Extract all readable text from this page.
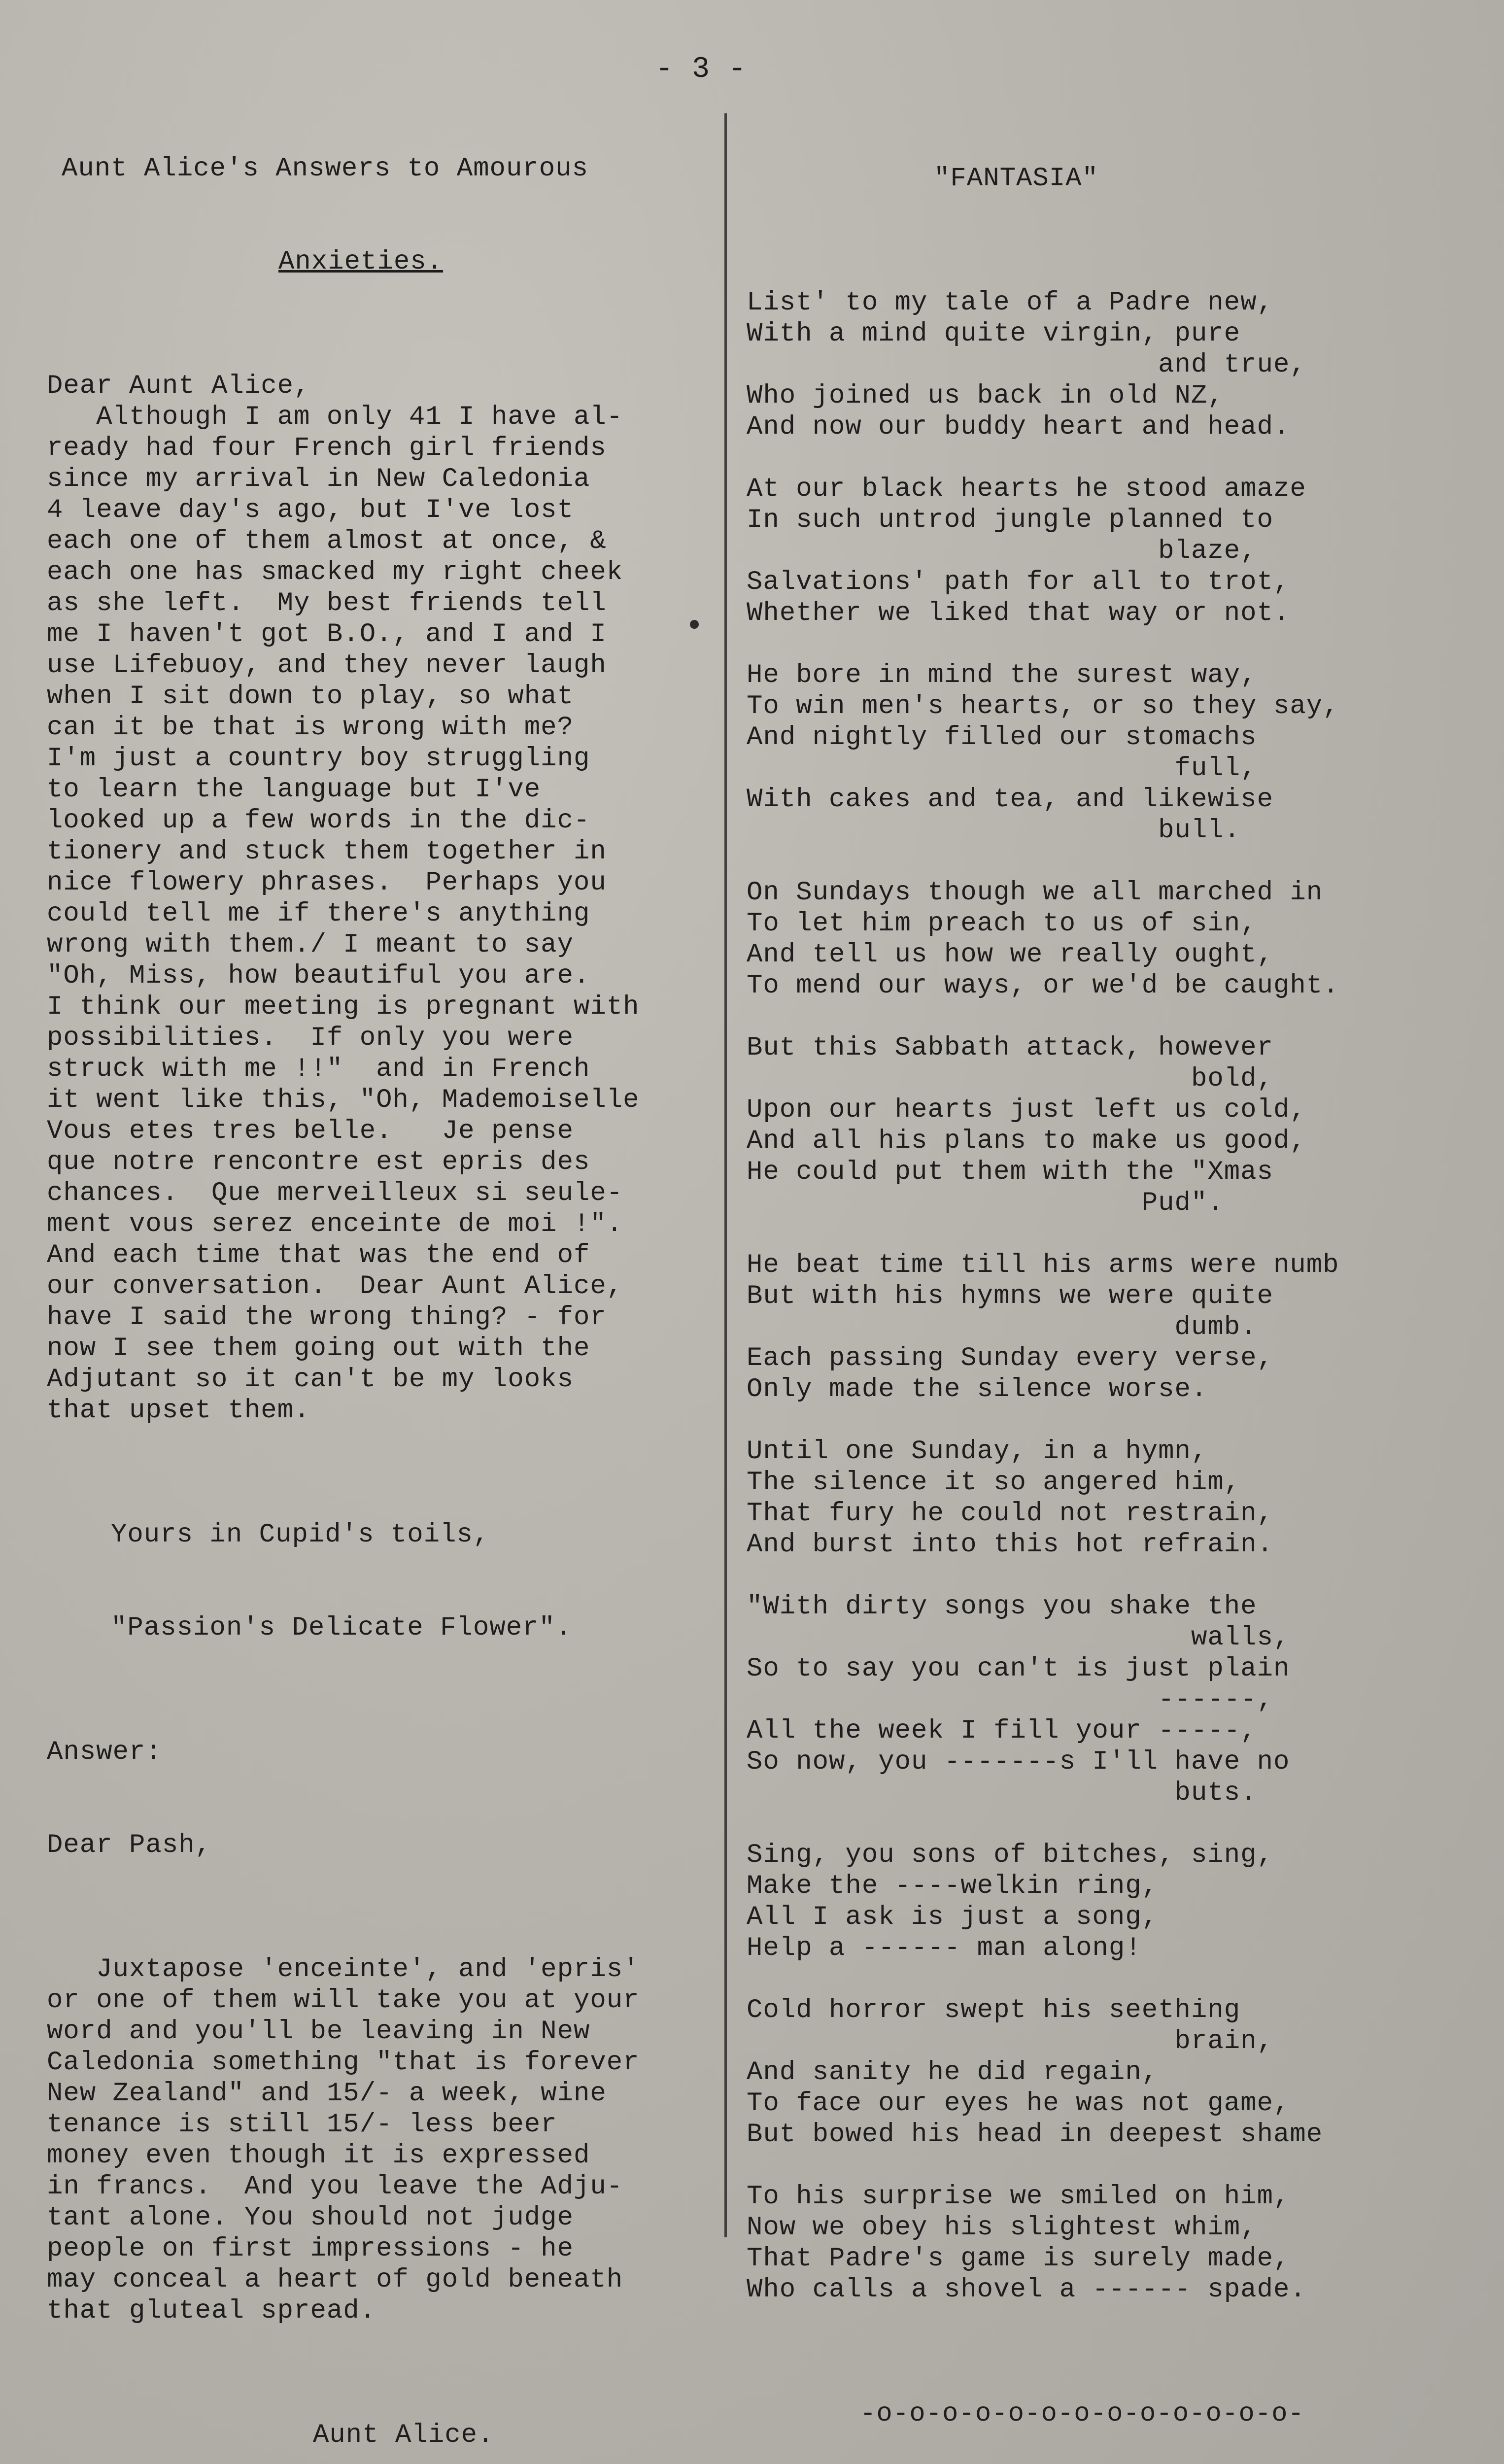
- 3 -

Aunt Alice's Answers to Amourous

Anxieties.

Dear Aunt Alice,
Although I am only 41 I have al-
ready had four French girl friends
since my arrival in New Caledonia
4 leave day's ago, but I've lost
each one of them almost at once, &
each one has smacked my right cheek
as she left.  My best friends tell
me I haven't got B.O., and I and I
use Lifebuoy, and they never laugh
when I sit down to play, so what
can it be that is wrong with me?
I'm just a country boy struggling
to learn the language but I've
looked up a few words in the dic-
tionery and stuck them together in
nice flowery phrases.  Perhaps you
could tell me if there's anything
wrong with them./ I meant to say
"Oh, Miss, how beautiful you are.
I think our meeting is pregnant with
possibilities.  If only you were
struck with me !!"  and in French
it went like this, "Oh, Mademoiselle
Vous etes tres belle.   Je pense
que notre rencontre est epris des
chances.  Que merveilleux si seule-
ment vous serez enceinte de moi !".
And each time that was the end of
our conversation.  Dear Aunt Alice,
have I said the wrong thing? - for
now I see them going out with the
Adjutant so it can't be my looks
that upset them.

Yours in Cupid's toils,

"Passion's Delicate Flower".

Answer:

Dear Pash,

Juxtapose 'enceinte', and 'epris'
or one of them will take you at your
word and you'll be leaving in New
Caledonia something "that is forever
New Zealand" and 15/- a week, wine
tenance is still 15/- less beer
money even though it is expressed
in francs.  And you leave the Adju-
tant alone. You should not judge
people on first impressions - he
may conceal a heart of gold beneath
that gluteal spread.

Aunt Alice.

"FANTASIA"

List' to my tale of a Padre new,
With a mind quite virgin, pure
and true,
Who joined us back in old NZ,
And now our buddy heart and head.
At our black hearts he stood amaze
In such untrod jungle planned to
blaze,
Salvations' path for all to trot,
Whether we liked that way or not.
He bore in mind the surest way,
To win men's hearts, or so they say,
And nightly filled our stomachs
full,
With cakes and tea, and likewise
bull.
On Sundays though we all marched in
To let him preach to us of sin,
And tell us how we really ought,
To mend our ways, or we'd be caught.
But this Sabbath attack, however
bold,
Upon our hearts just left us cold,
And all his plans to make us good,
He could put them with the "Xmas
Pud".
He beat time till his arms were numb
But with his hymns we were quite
dumb.
Each passing Sunday every verse,
Only made the silence worse.
Until one Sunday, in a hymn,
The silence it so angered him,
That fury he could not restrain,
And burst into this hot refrain.
"With dirty songs you shake the
walls,
So to say you can't is just plain
------,
All the week I fill your -----,
So now, you -------s I'll have no
buts.
Sing, you sons of bitches, sing,
Make the ----welkin ring,
All I ask is just a song,
Help a ------ man along!
Cold horror swept his seething
brain,
And sanity he did regain,
To face our eyes he was not game,
But bowed his head in deepest shame
To his surprise we smiled on him,
Now we obey his slightest whim,
That Padre's game is surely made,
Who calls a shovel a ------ spade.

-o-o-o-o-o-o-o-o-o-o-o-o-o-
